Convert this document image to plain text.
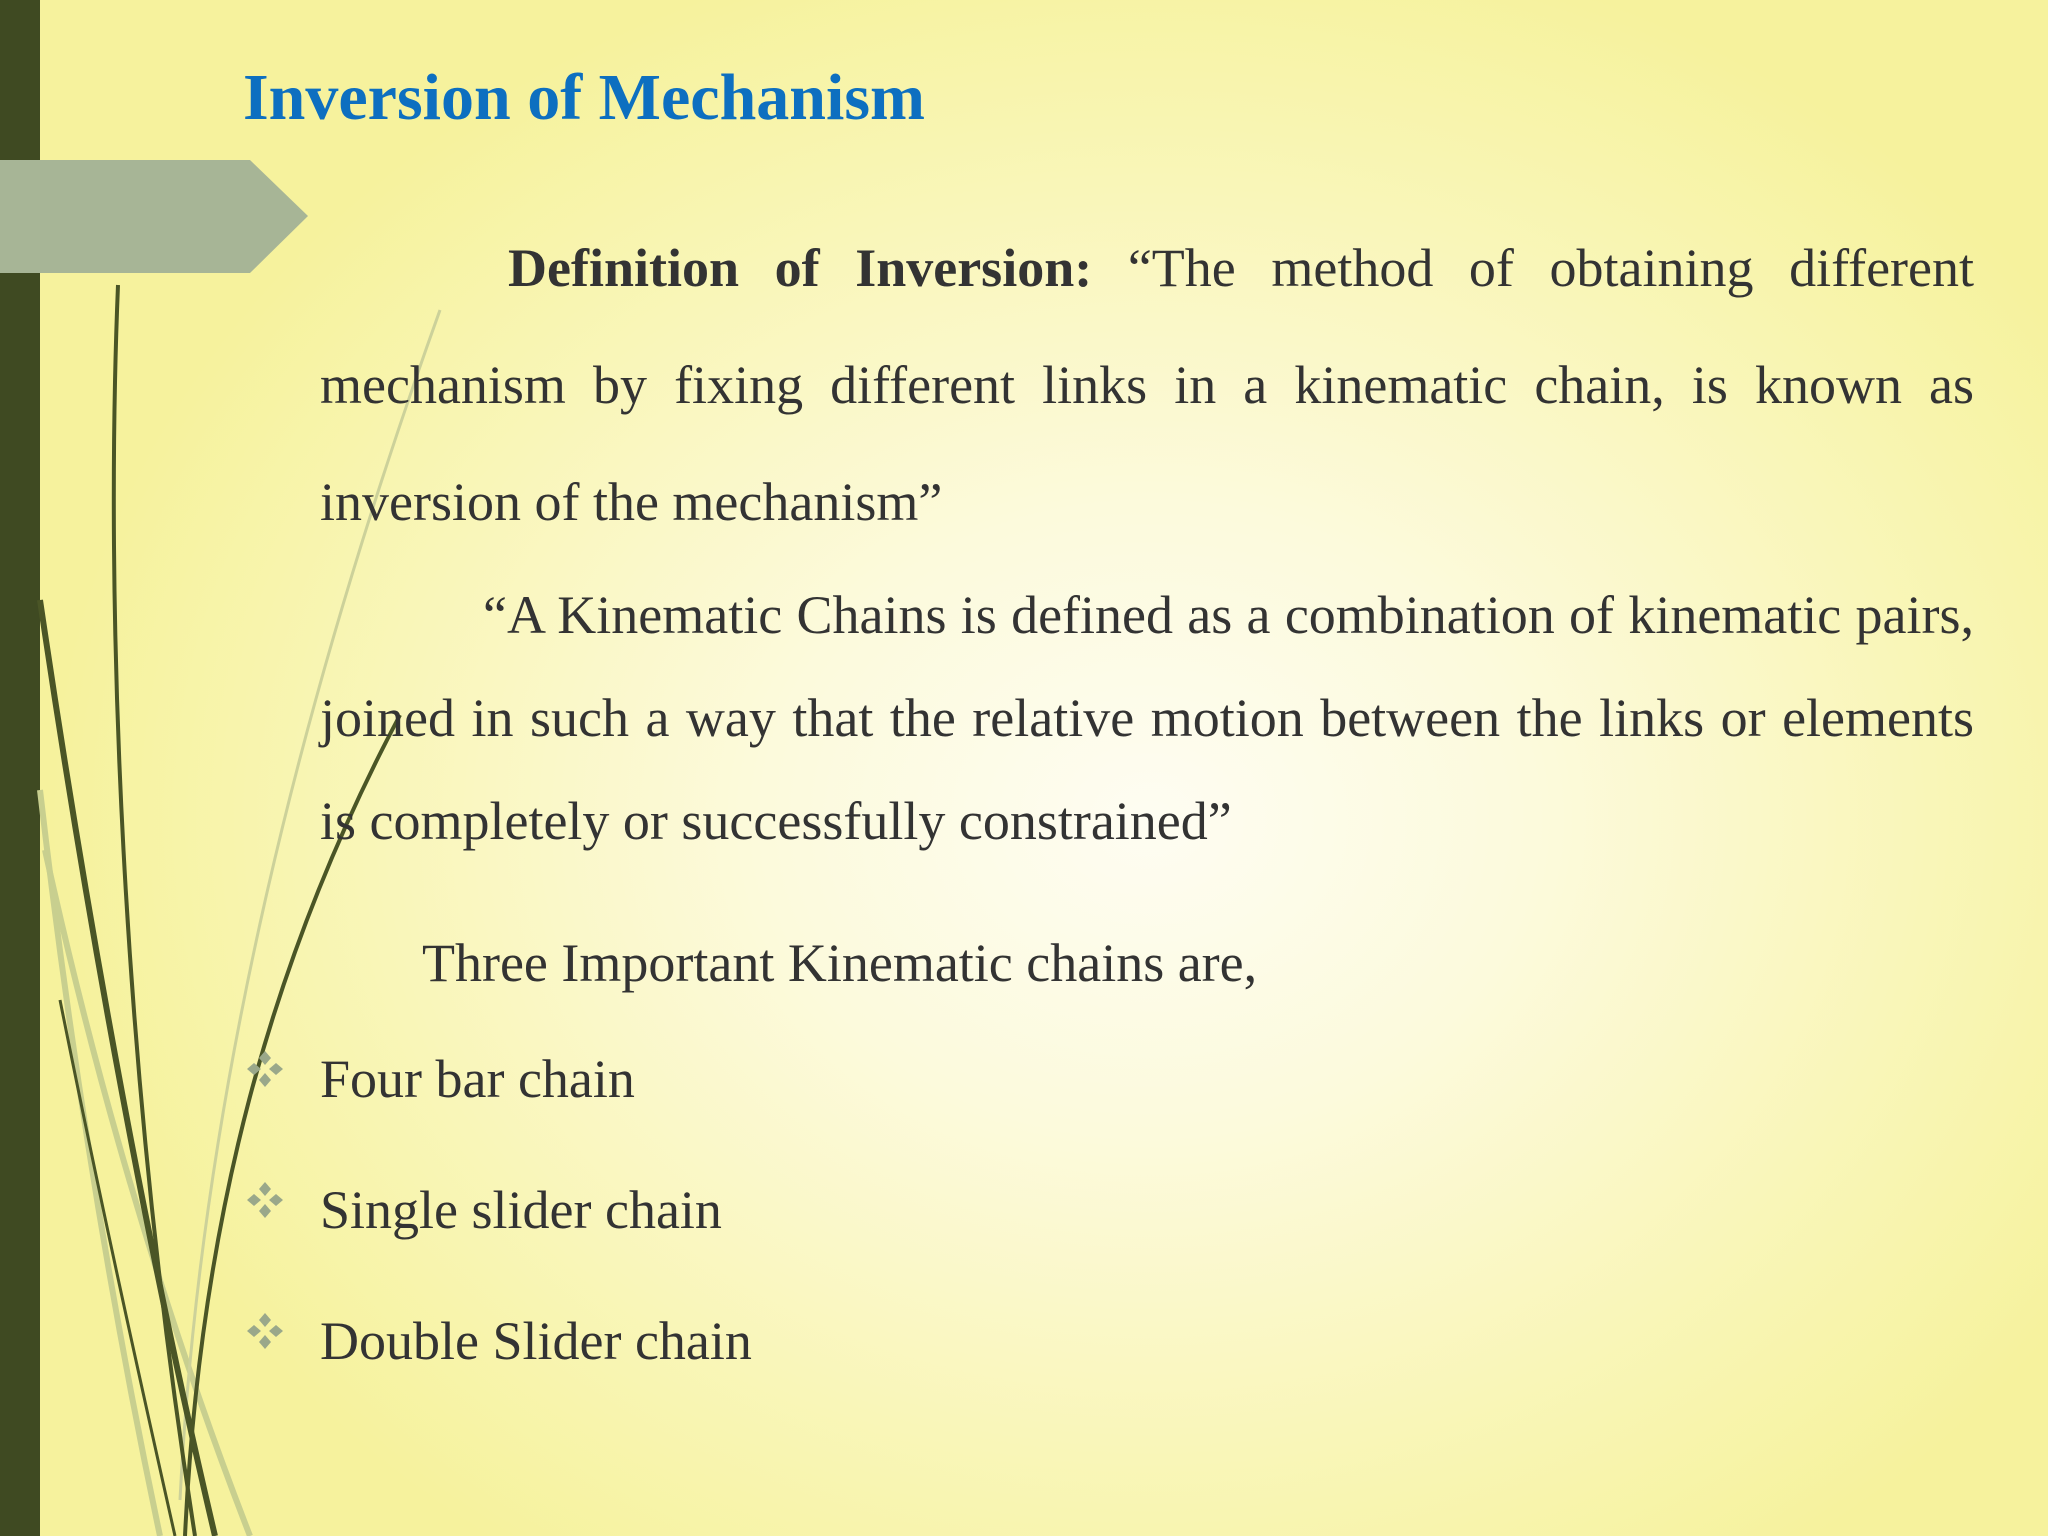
Inversion of Mechanism

Definition of Inversion: “The method of obtaining different mechanism by fixing different links in a kinematic chain, is known as inversion of the mechanism”

“A Kinematic Chains is defined as a combination of kinematic pairs, joined in such a way that the relative motion between the links or elements is completely or successfully constrained”

Three Important Kinematic chains are,

Four bar chain
Single slider chain
Double Slider chain
